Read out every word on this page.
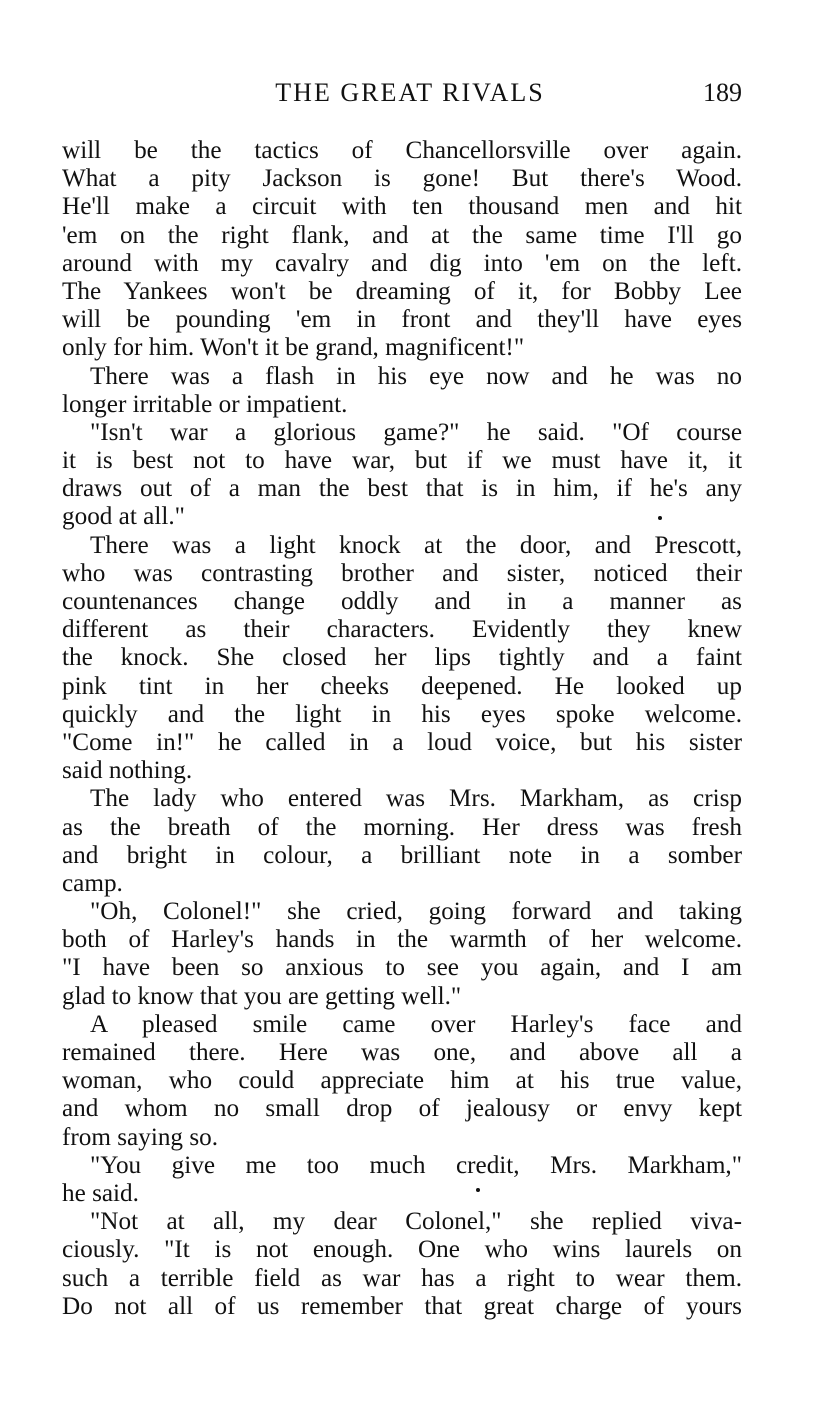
THE GREAT RIVALS	189
will be the tactics of Chancellorsville over again.
What a pity Jackson is gone! But there's Wood.
He'll make a circuit with ten thousand men and hit
'em on the right flank, and at the same time I'll go
around with my cavalry and dig into 'em on the left.
The Yankees won't be dreaming of it, for Bobby Lee
will be pounding 'em in front and they'll have eyes
only for him. Won't it be grand, magnificent!"
There was a flash in his eye now and he was no
longer irritable or impatient.
"Isn't war a glorious game?" he said. "Of course
it is best not to have war, but if we must have it, it
draws out of a man the best that is in him, if he's any
good at all."
There was a light knock at the door, and Prescott,
who was contrasting brother and sister, noticed their
countenances change oddly and in a manner as
different as their characters. Evidently they knew
the knock. She closed her lips tightly and a faint
pink tint in her cheeks deepened. He looked up
quickly and the light in his eyes spoke welcome.
"Come in!" he called in a loud voice, but his sister
said nothing.
The lady who entered was Mrs. Markham, as crisp
as the breath of the morning. Her dress was fresh
and bright in colour, a brilliant note in a somber
camp.
"Oh, Colonel!" she cried, going forward and taking
both of Harley's hands in the warmth of her welcome.
"I have been so anxious to see you again, and I am
glad to know that you are getting well."
A pleased smile came over Harley's face and
remained there. Here was one, and above all a
woman, who could appreciate him at his true value,
and whom no small drop of jealousy or envy kept
from saying so.
"You give me too much credit, Mrs. Markham,"
he said.
"Not at all, my dear Colonel," she replied viva-
ciously. "It is not enough. One who wins laurels on
such a terrible field as war has a right to wear them.
Do not all of us remember that great charge of yours
